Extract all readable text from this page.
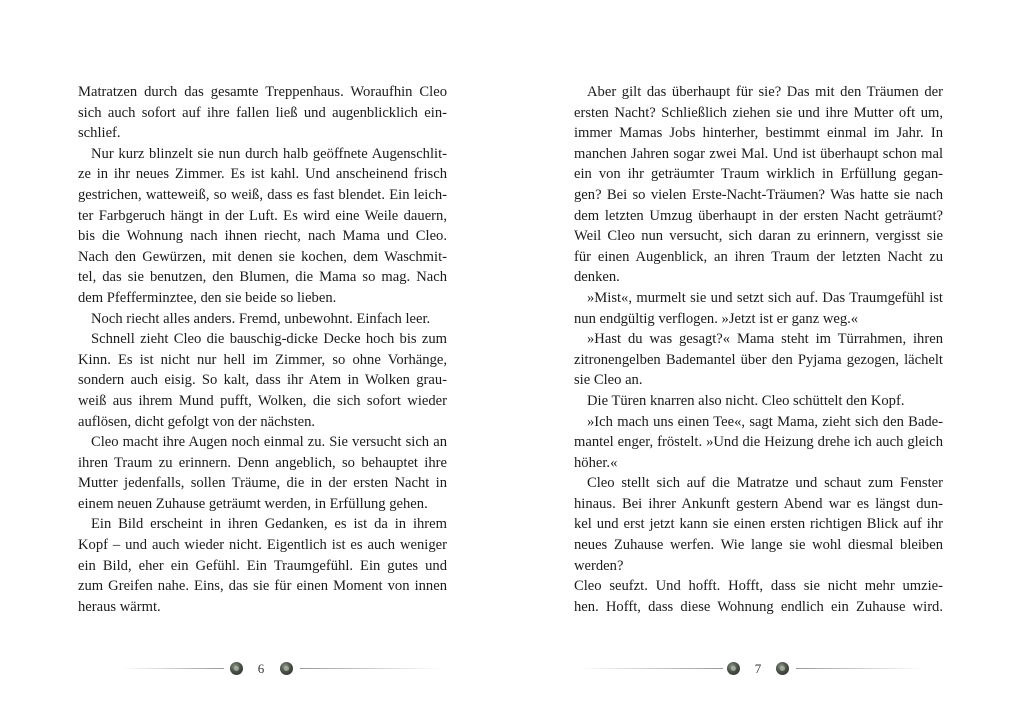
Matratzen durch das gesamte Treppenhaus. Woraufhin Cleo
sich auch sofort auf ihre fallen ließ und augenblicklich ein-
schlief.
Nur kurz blinzelt sie nun durch halb geöffnete Augenschlit-
ze in ihr neues Zimmer. Es ist kahl. Und anscheinend frisch
gestrichen, watteweiß, so weiß, dass es fast blendet. Ein leich-
ter Farbgeruch hängt in der Luft. Es wird eine Weile dauern,
bis die Wohnung nach ihnen riecht, nach Mama und Cleo.
Nach den Gewürzen, mit denen sie kochen, dem Waschmit-
tel, das sie benutzen, den Blumen, die Mama so mag. Nach
dem Pfefferminztee, den sie beide so lieben.
Noch riecht alles anders. Fremd, unbewohnt. Einfach leer.
Schnell zieht Cleo die bauschig-dicke Decke hoch bis zum
Kinn. Es ist nicht nur hell im Zimmer, so ohne Vorhänge,
sondern auch eisig. So kalt, dass ihr Atem in Wolken grau-
weiß aus ihrem Mund pufft, Wolken, die sich sofort wieder
auflösen, dicht gefolgt von der nächsten.
Cleo macht ihre Augen noch einmal zu. Sie versucht sich an
ihren Traum zu erinnern. Denn angeblich, so behauptet ihre
Mutter jedenfalls, sollen Träume, die in der ersten Nacht in
einem neuen Zuhause geträumt werden, in Erfüllung gehen.
Ein Bild erscheint in ihren Gedanken, es ist da in ihrem
Kopf – und auch wieder nicht. Eigentlich ist es auch weniger
ein Bild, eher ein Gefühl. Ein Traumgefühl. Ein gutes und
zum Greifen nahe. Eins, das sie für einen Moment von innen
heraus wärmt.
6
Aber gilt das überhaupt für sie? Das mit den Träumen der
ersten Nacht? Schließlich ziehen sie und ihre Mutter oft um,
immer Mamas Jobs hinterher, bestimmt einmal im Jahr. In
manchen Jahren sogar zwei Mal. Und ist überhaupt schon mal
ein von ihr geträumter Traum wirklich in Erfüllung gegan-
gen? Bei so vielen Erste-Nacht-Träumen? Was hatte sie nach
dem letzten Umzug überhaupt in der ersten Nacht geträumt?
Weil Cleo nun versucht, sich daran zu erinnern, vergisst sie
für einen Augenblick, an ihren Traum der letzten Nacht zu
denken.
»Mist«, murmelt sie und setzt sich auf. Das Traumgefühl ist
nun endgültig verflogen. »Jetzt ist er ganz weg.«
»Hast du was gesagt?« Mama steht im Türrahmen, ihren
zitronengelben Bademantel über den Pyjama gezogen, lächelt
sie Cleo an.
Die Türen knarren also nicht. Cleo schüttelt den Kopf.
»Ich mach uns einen Tee«, sagt Mama, zieht sich den Bade-
mantel enger, fröstelt. »Und die Heizung drehe ich auch gleich
höher.«
Cleo stellt sich auf die Matratze und schaut zum Fenster
hinaus. Bei ihrer Ankunft gestern Abend war es längst dun-
kel und erst jetzt kann sie einen ersten richtigen Blick auf ihr
neues Zuhause werfen. Wie lange sie wohl diesmal bleiben
werden?
Cleo seufzt. Und hofft. Hofft, dass sie nicht mehr umzie-
hen. Hofft, dass diese Wohnung endlich ein Zuhause wird.
7
